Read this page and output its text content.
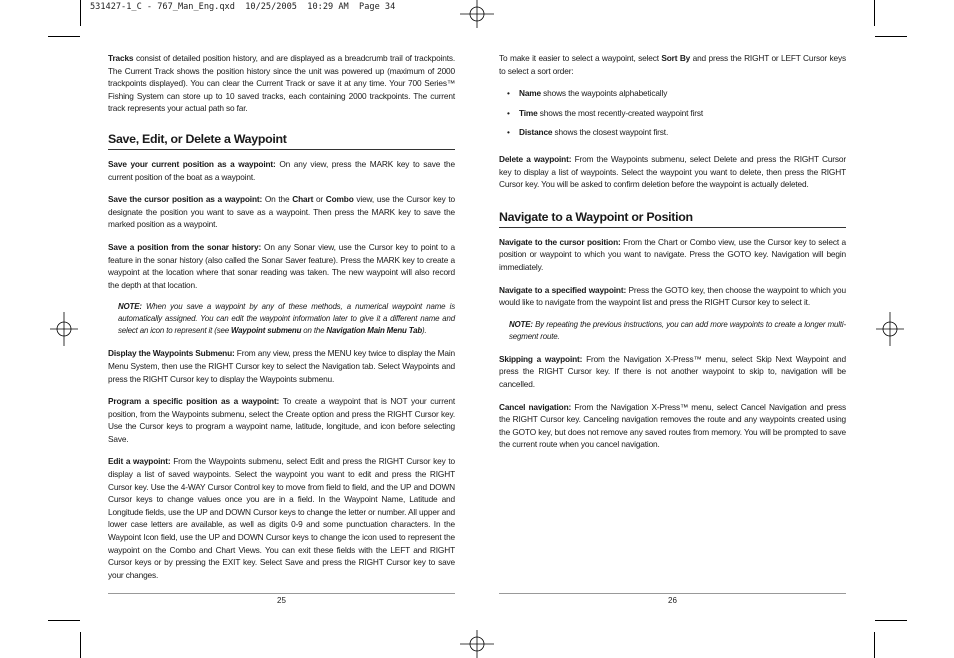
531427-1_C - 767_Man_Eng.qxd  10/25/2005  10:29 AM  Page 34

Tracks consist of detailed position history, and are displayed as a breadcrumb trail of trackpoints. The Current Track shows the position history since the unit was powered up (maximum of 2000 trackpoints displayed). You can clear the Current Track or save it at any time. Your 700 Series™ Fishing System can store up to 10 saved tracks, each containing 2000 trackpoints. The current track represents your actual path so far.

Save, Edit, or Delete a Waypoint

Save your current position as a waypoint: On any view, press the MARK key to save the current position of the boat as a waypoint.

Save the cursor position as a waypoint: On the Chart or Combo view, use the Cursor key to designate the position you want to save as a waypoint. Then press the MARK key to save the marked position as a waypoint.

Save a position from the sonar history: On any Sonar view, use the Cursor key to point to a feature in the sonar history (also called the Sonar Saver feature). Press the MARK key to create a waypoint at the location where that sonar reading was taken. The new waypoint will also record the depth at that location.

NOTE: When you save a waypoint by any of these methods, a numerical waypoint name is automatically assigned. You can edit the waypoint information later to give it a different name and select an icon to represent it (see Waypoint submenu on the Navigation Main Menu Tab).

Display the Waypoints Submenu: From any view, press the MENU key twice to display the Main Menu System, then use the RIGHT Cursor key to select the Navigation tab. Select Waypoints and press the RIGHT Cursor key to display the Waypoints submenu.

Program a specific position as a waypoint: To create a waypoint that is NOT your current position, from the Waypoints submenu, select the Create option and press the RIGHT Cursor key. Use the Cursor keys to program a waypoint name, latitude, longitude, and icon before selecting Save.

Edit a waypoint: From the Waypoints submenu, select Edit and press the RIGHT Cursor key to display a list of saved waypoints. Select the waypoint you want to edit and press the RIGHT Cursor key. Use the 4-WAY Cursor Control key to move from field to field, and the UP and DOWN Cursor keys to change values once you are in a field. In the Waypoint Name, Latitude and Longitude fields, use the UP and DOWN Cursor keys to change the letter or number. All upper and lower case letters are available, as well as digits 0-9 and some punctuation characters. In the Waypoint Icon field, use the UP and DOWN Cursor keys to change the icon used to represent the waypoint on the Combo and Chart Views. You can exit these fields with the LEFT and RIGHT Cursor keys or by pressing the EXIT key. Select Save and press the RIGHT Cursor key to save your changes.

25

To make it easier to select a waypoint, select Sort By and press the RIGHT or LEFT Cursor keys to select a sort order:

• Name shows the waypoints alphabetically
• Time shows the most recently-created waypoint first
• Distance shows the closest waypoint first.

Delete a waypoint: From the Waypoints submenu, select Delete and press the RIGHT Cursor key to display a list of waypoints. Select the waypoint you want to delete, then press the RIGHT Cursor key. You will be asked to confirm deletion before the waypoint is actually deleted.

Navigate to a Waypoint or Position

Navigate to the cursor position: From the Chart or Combo view, use the Cursor key to select a position or waypoint to which you want to navigate. Press the GOTO key. Navigation will begin immediately.

Navigate to a specified waypoint: Press the GOTO key, then choose the waypoint to which you would like to navigate from the waypoint list and press the RIGHT Cursor key to select it.

NOTE: By repeating the previous instructions, you can add more waypoints to create a longer multi-segment route.

Skipping a waypoint: From the Navigation X-Press™ menu, select Skip Next Waypoint and press the RIGHT Cursor key. If there is not another waypoint to skip to, navigation will be cancelled.

Cancel navigation: From the Navigation X-Press™ menu, select Cancel Navigation and press the RIGHT Cursor key. Canceling navigation removes the route and any waypoints created using the GOTO key, but does not remove any saved routes from memory. You will be prompted to save the current route when you cancel navigation.

26
